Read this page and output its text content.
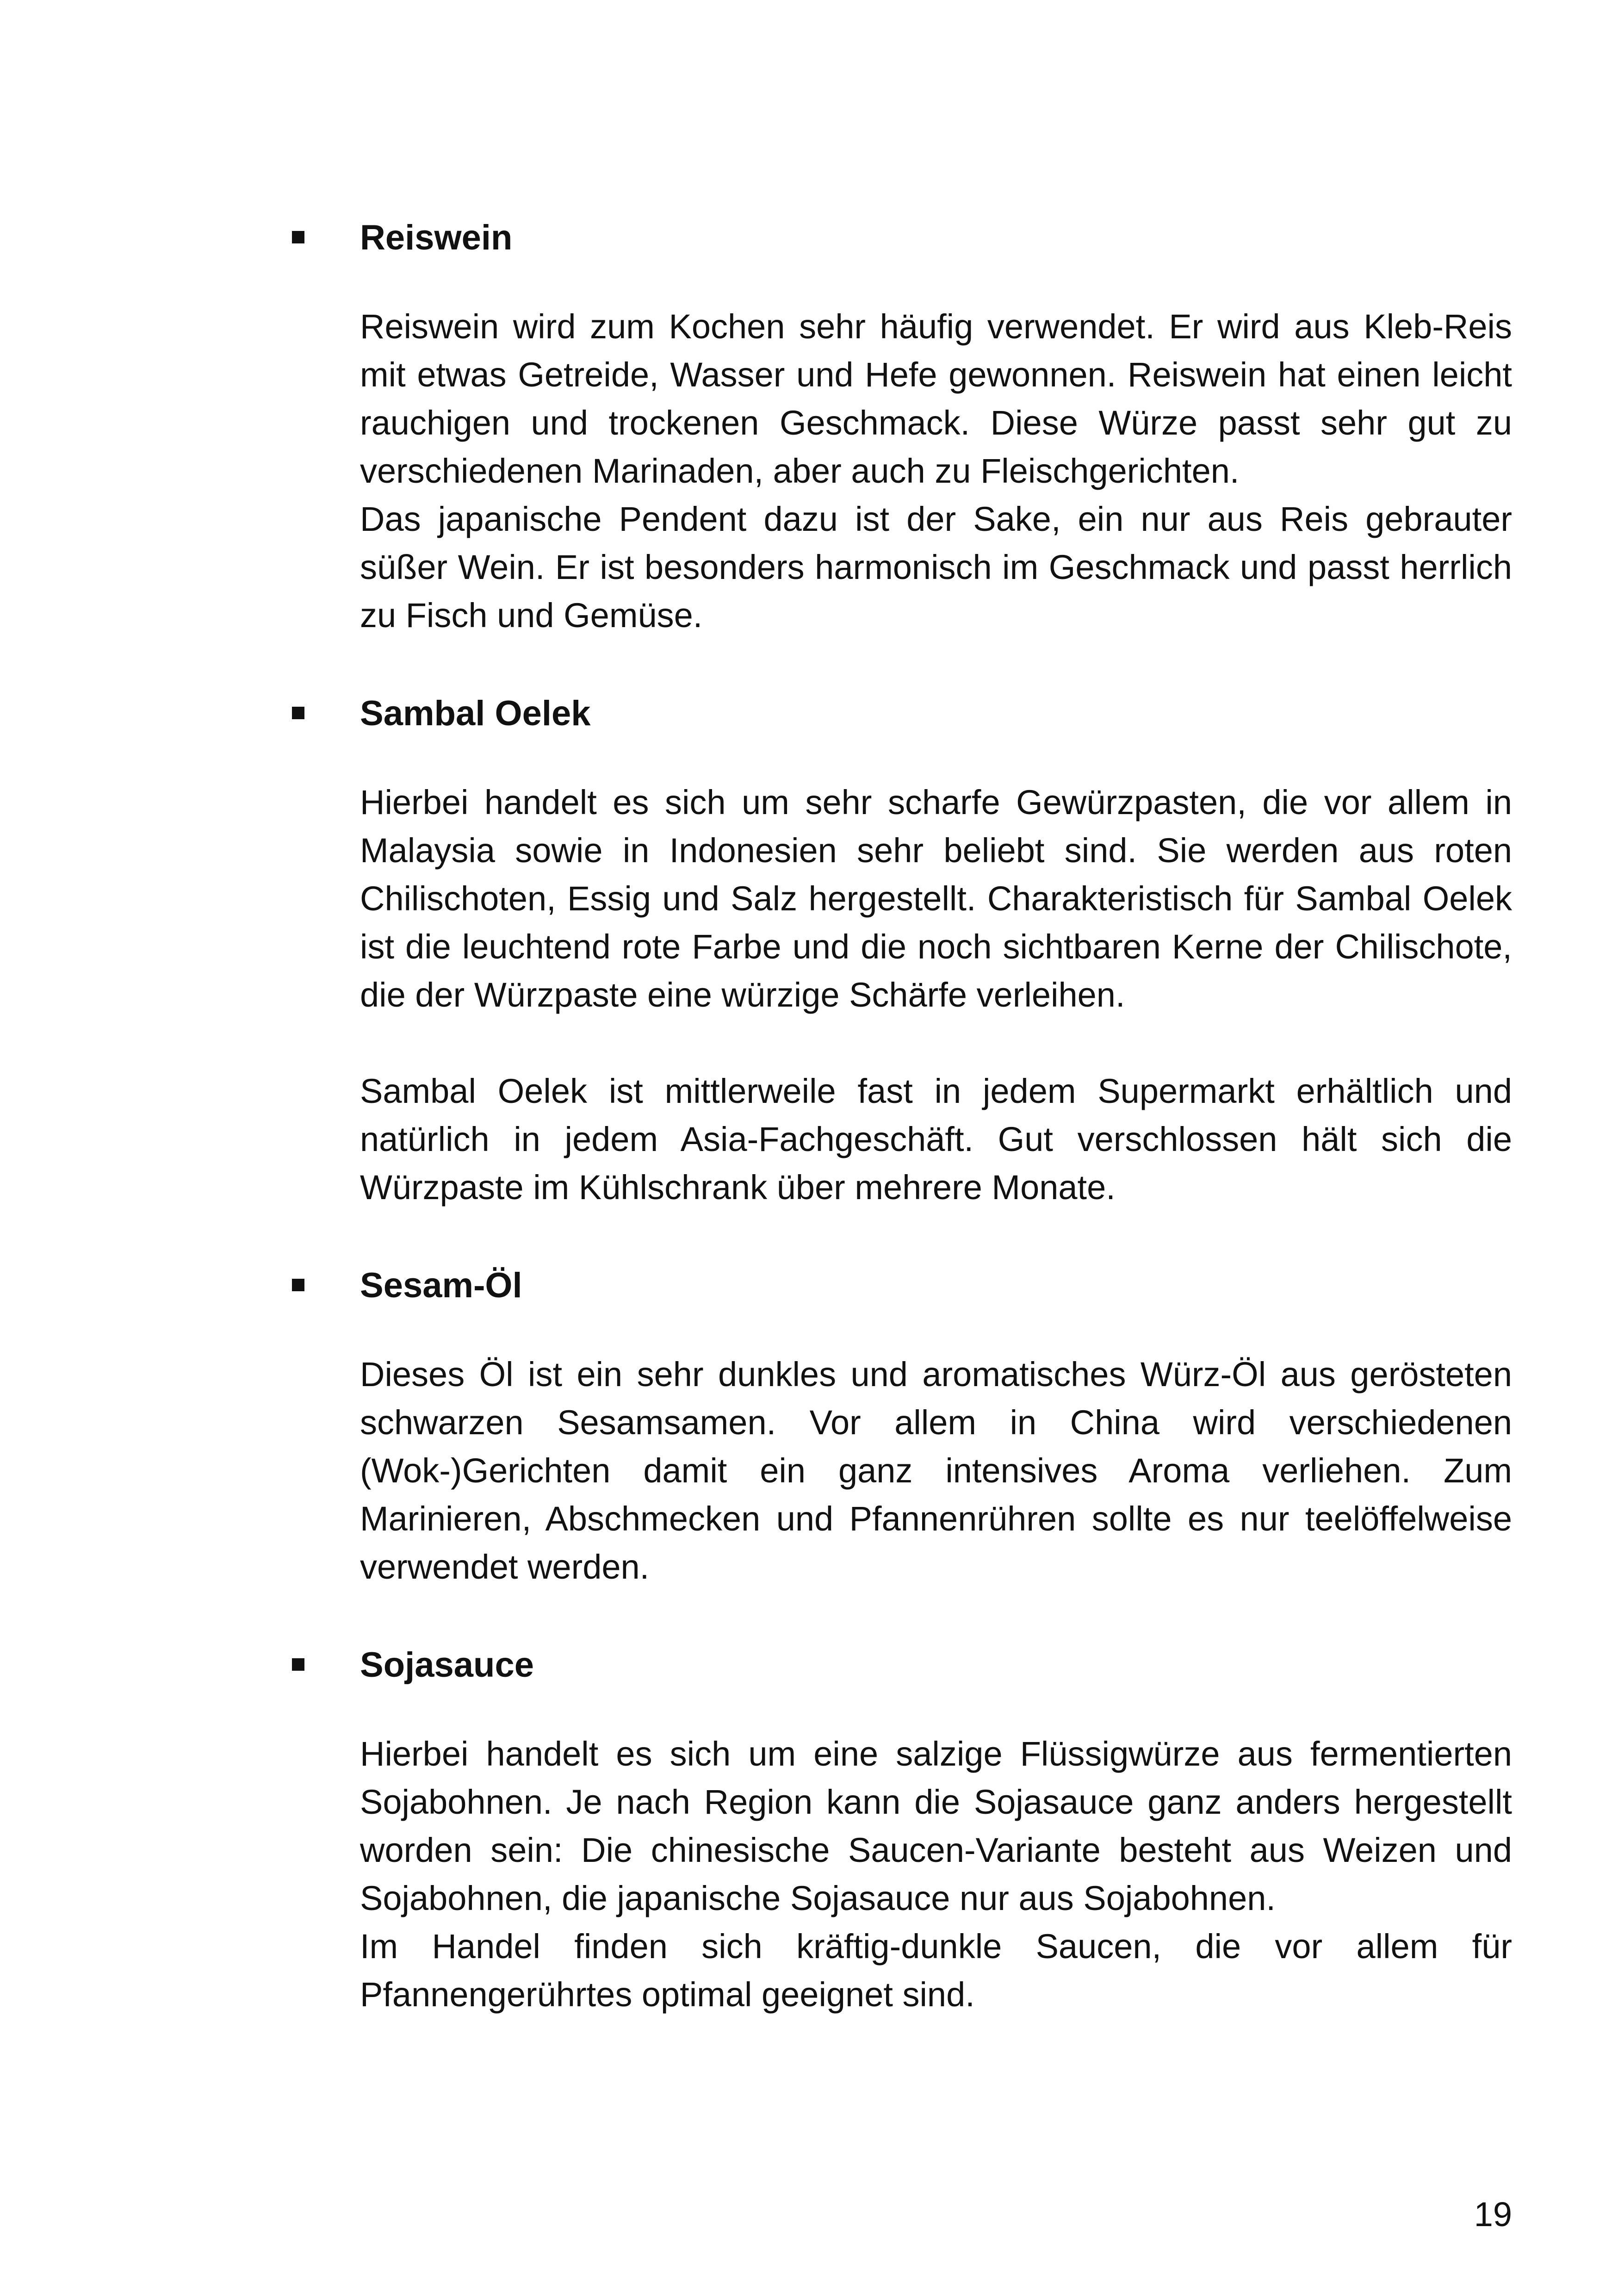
Reiswein

Reiswein wird zum Kochen sehr häufig verwendet. Er wird aus Kleb-Reis mit etwas Getreide, Wasser und Hefe gewonnen. Reiswein hat einen leicht rauchigen und trockenen Geschmack. Diese Würze passt sehr gut zu verschiedenen Marinaden, aber auch zu Fleischgerichten.

Das japanische Pendent dazu ist der Sake, ein nur aus Reis gebrauter süßer Wein. Er ist besonders harmonisch im Geschmack und passt herrlich zu Fisch und Gemüse.

Sambal Oelek

Hierbei handelt es sich um sehr scharfe Gewürzpasten, die vor allem in Malaysia sowie in Indonesien sehr beliebt sind. Sie werden aus roten Chilischoten, Essig und Salz hergestellt. Charakteristisch für Sambal Oelek ist die leuchtend rote Farbe und die noch sichtbaren Kerne der Chilischote, die der Würzpaste eine würzige Schärfe verleihen.

Sambal Oelek ist mittlerweile fast in jedem Supermarkt erhältlich und natürlich in jedem Asia-Fachgeschäft. Gut verschlossen hält sich die Würzpaste im Kühlschrank über mehrere Monate.

Sesam-Öl

Dieses Öl ist ein sehr dunkles und aromatisches Würz-Öl aus gerösteten schwarzen Sesamsamen. Vor allem in China wird verschiedenen (Wok-)Gerichten damit ein ganz intensives Aroma verliehen. Zum Marinieren, Abschmecken und Pfannenrühren sollte es nur teelöffelweise verwendet werden.

Sojasauce

Hierbei handelt es sich um eine salzige Flüssigwürze aus fermentierten Sojabohnen. Je nach Region kann die Sojasauce ganz anders hergestellt worden sein: Die chinesische Saucen-Variante besteht aus Weizen und Sojabohnen, die japanische Sojasauce nur aus Sojabohnen.

Im Handel finden sich kräftig-dunkle Saucen, die vor allem für Pfannengerührtes optimal geeignet sind.

19
